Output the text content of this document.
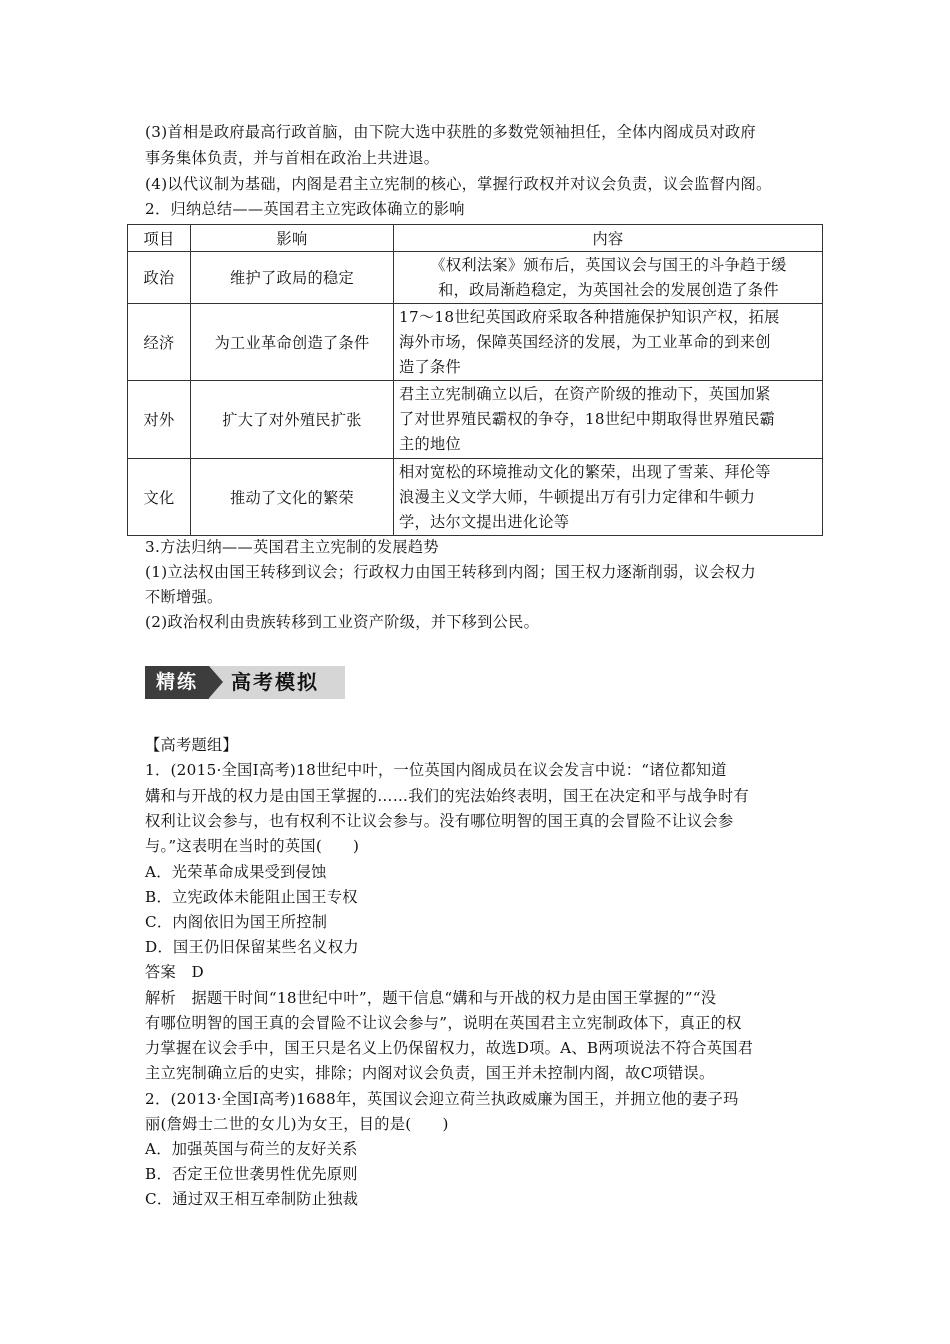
(3)首相是政府最高行政首脑，由下院大选中获胜的多数党领袖担任，全体内阁成员对政府
事务集体负责，并与首相在政治上共进退。
(4)以代议制为基础，内阁是君主立宪制的核心，掌握行政权并对议会负责，议会监督内阁。
2．归纳总结——英国君主立宪政体确立的影响
项目	影响	内容
政治	维护了政局的稳定	《权利法案》颁布后，英国议会与国王的斗争趋于缓
和，政局渐趋稳定，为英国社会的发展创造了条件

经济	为工业革命创造了条件	17～18世纪英国政府采取各种措施保护知识产权，拓展
海外市场，保障英国经济的发展，为工业革命的到来创
造了条件

对外	扩大了对外殖民扩张	君主立宪制确立以后，在资产阶级的推动下，英国加紧
了对世界殖民霸权的争夺，18世纪中期取得世界殖民霸
主的地位

文化	推动了文化的繁荣	相对宽松的环境推动文化的繁荣，出现了雪莱、拜伦等
浪漫主义文学大师，牛顿提出万有引力定律和牛顿力
学，达尔文提出进化论等
3.方法归纳——英国君主立宪制的发展趋势
(1)立法权由国王转移到议会；行政权力由国王转移到内阁；国王权力逐渐削弱，议会权力
不断增强。
(2)政治权利由贵族转移到工业资产阶级，并下移到公民。
精练	高考模拟
【高考题组】
1．(2015·全国Ⅰ高考)18世纪中叶，一位英国内阁成员在议会发言中说：“诸位都知道
媾和与开战的权力是由国王掌握的……我们的宪法始终表明，国王在决定和平与战争时有
权利让议会参与，也有权利不让议会参与。没有哪位明智的国王真的会冒险不让议会参
与。”这表明在当时的英国(　　)
A．光荣革命成果受到侵蚀
B．立宪政体未能阻止国王专权
C．内阁依旧为国王所控制
D．国王仍旧保留某些名义权力
答案　D
解析　据题干时间“18世纪中叶”，题干信息“媾和与开战的权力是由国王掌握的”“没
有哪位明智的国王真的会冒险不让议会参与”，说明在英国君主立宪制政体下，真正的权
力掌握在议会手中，国王只是名义上仍保留权力，故选D项。A、B两项说法不符合英国君
主立宪制确立后的史实，排除；内阁对议会负责，国王并未控制内阁，故C项错误。
2．(2013·全国Ⅰ高考)1688年，英国议会迎立荷兰执政威廉为国王，并拥立他的妻子玛
丽(詹姆士二世的女儿)为女王，目的是(　　)
A．加强英国与荷兰的友好关系
B．否定王位世袭男性优先原则
C．通过双王相互牵制防止独裁
